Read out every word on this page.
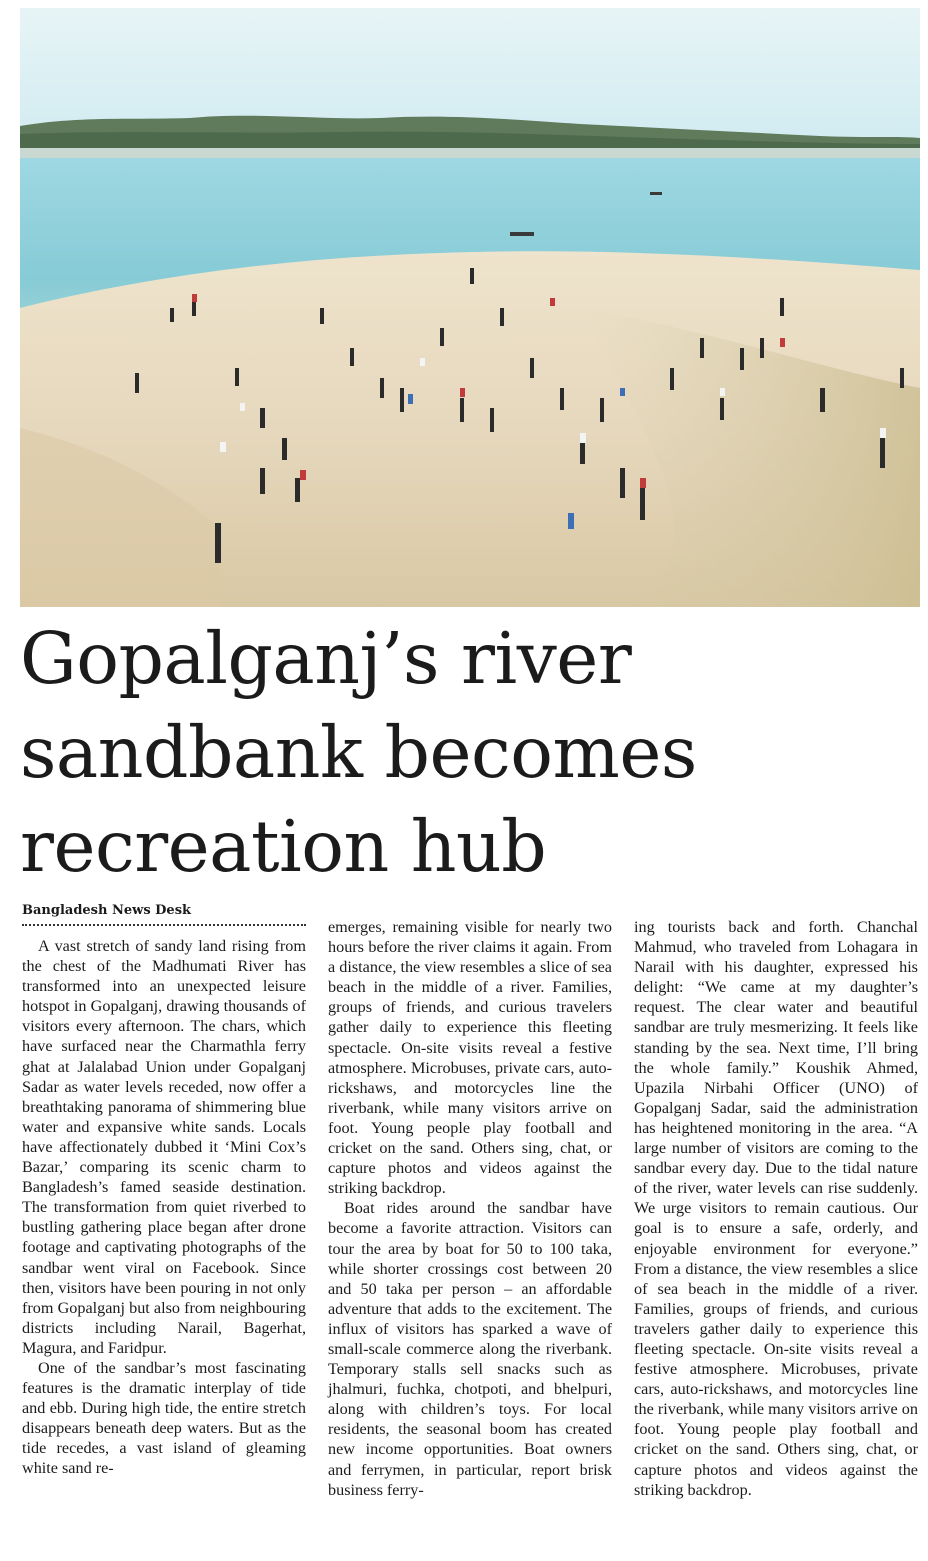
Gopalganj’s river sandbank becomes recreation hub
Bangladesh News Desk

A vast stretch of sandy land rising from the chest of the Madhumati River has transformed into an unexpected leisure hotspot in Gopalganj, drawing thousands of visitors every afternoon. The chars, which have surfaced near the Charmathla ferry ghat at Jalalabad Union under Gopalganj Sadar as water levels receded, now offer a breathtaking panorama of shimmering blue water and expansive white sands. Locals have affectionately dubbed it ‘Mini Cox’s Bazar,’ comparing its scenic charm to Bangladesh’s famed seaside destination. The transformation from quiet riverbed to bustling gathering place began after drone footage and captivating photographs of the sandbar went viral on Facebook. Since then, visitors have been pouring in not only from Gopalganj but also from neighbouring districts including Narail, Bagerhat, Magura, and Faridpur.

One of the sandbar’s most fascinating features is the dramatic interplay of tide and ebb. During high tide, the entire stretch disappears beneath deep waters. But as the tide recedes, a vast island of gleaming white sand re-

emerges, remaining visible for nearly two hours before the river claims it again. From a distance, the view resembles a slice of sea beach in the middle of a river. Families, groups of friends, and curious travelers gather daily to experience this fleeting spectacle. On-site visits reveal a festive atmosphere. Microbuses, private cars, auto-rickshaws, and motorcycles line the riverbank, while many visitors arrive on foot. Young people play football and cricket on the sand. Others sing, chat, or capture photos and videos against the striking backdrop.

Boat rides around the sandbar have become a favorite attraction. Visitors can tour the area by boat for 50 to 100 taka, while shorter crossings cost between 20 and 50 taka per person – an affordable adventure that adds to the excitement. The influx of visitors has sparked a wave of small-scale commerce along the riverbank. Temporary stalls sell snacks such as jhalmuri, fuchka, chotpoti, and bhelpuri, along with children’s toys. For local residents, the seasonal boom has created new income opportunities. Boat owners and ferrymen, in particular, report brisk business ferry-

ing tourists back and forth. Chanchal Mahmud, who traveled from Lohagara in Narail with his daughter, expressed his delight: “We came at my daughter’s request. The clear water and beautiful sandbar are truly mesmerizing. It feels like standing by the sea. Next time, I’ll bring the whole family.” Koushik Ahmed, Upazila Nirbahi Officer (UNO) of Gopalganj Sadar, said the administration has heightened monitoring in the area. “A large number of visitors are coming to the sandbar every day. Due to the tidal nature of the river, water levels can rise suddenly. We urge visitors to remain cautious. Our goal is to ensure a safe, orderly, and enjoyable environment for everyone.” From a distance, the view resembles a slice of sea beach in the middle of a river. Families, groups of friends, and curious travelers gather daily to experience this fleeting spectacle. On-site visits reveal a festive atmosphere. Microbuses, private cars, auto-rickshaws, and motorcycles line the riverbank, while many visitors arrive on foot. Young people play football and cricket on the sand. Others sing, chat, or capture photos and videos against the striking backdrop.
